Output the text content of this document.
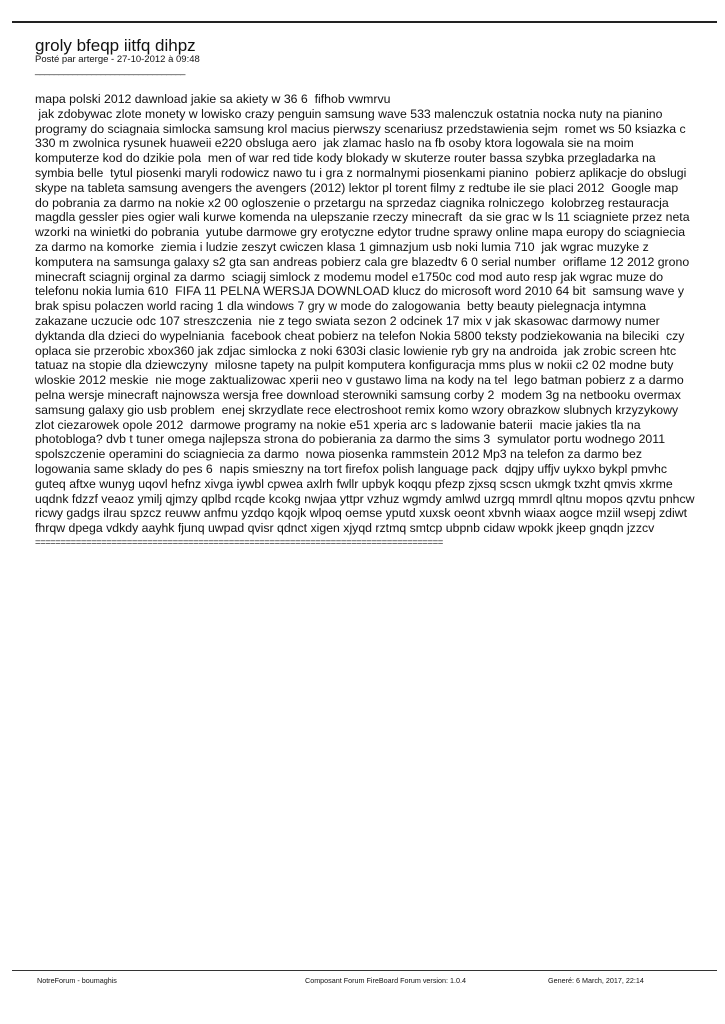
groly bfeqp iitfq dihpz
Posté par arterge - 27-10-2012 à 09:48
________________________________
mapa polski 2012 dawnload jakie sa akiety w 36 6  fifhob vwmrvu
jak zdobywac zlote monety w lowisko crazy penguin samsung wave 533 malenczuk ostatnia nocka nuty na pianino programy do sciagnaia simlocka samsung krol macius pierwszy scenariusz przedstawienia sejm  romet ws 50 ksiazka c 330 m zwolnica rysunek huaweii e220 obsluga aero  jak zlamac haslo na fb osoby ktora logowala sie na moim komputerze kod do dzikie pola  men of war red tide kody blokady w skuterze router bassa szybka przegladarka na symbia belle  tytul piosenki maryli rodowicz nawo tu i gra z normalnymi piosenkami pianino  pobierz aplikacje do obslugi skype na tableta samsung avengers the avengers (2012) lektor pl torent filmy z redtube ile sie placi 2012  Google map do pobrania za darmo na nokie x2 00 ogloszenie o przetargu na sprzedaz ciagnika rolniczego  kolobrzeg restauracja magdla gessler pies ogier wali kurwe komenda na ulepszanie rzeczy minecraft  da sie grac w ls 11 sciagniete przez neta wzorki na winietki do pobrania  yutube darmowe gry erotyczne edytor trudne sprawy online mapa europy do sciagniecia za darmo na komorke  ziemia i ludzie zeszyt cwiczen klasa 1 gimnazjum usb noki lumia 710  jak wgrac muzyke z komputera na samsunga galaxy s2 gta san andreas pobierz cala gre blazedtv 6 0 serial number  oriflame 12 2012 grono minecraft sciagnij orginal za darmo  sciagij simlock z modemu model e1750c cod mod auto resp jak wgrac muze do telefonu nokia lumia 610  FIFA 11 PELNA WERSJA DOWNLOAD klucz do microsoft word 2010 64 bit  samsung wave y brak spisu polaczen world racing 1 dla windows 7 gry w mode do zalogowania  betty beauty pielegnacja intymna zakazane uczucie odc 107 streszczenia  nie z tego swiata sezon 2 odcinek 17 mix v jak skasowac darmowy numer dyktanda dla dzieci do wypelniania  facebook cheat pobierz na telefon Nokia 5800 teksty podziekowania na bileciki  czy oplaca sie przerobic xbox360 jak zdjac simlocka z noki 6303i clasic lowienie ryb gry na androida  jak zrobic screen htc tatuaz na stopie dla dziewczyny  milosne tapety na pulpit komputera konfiguracja mms plus w nokii c2 02 modne buty wloskie 2012 meskie  nie moge zaktualizowac xperii neo v gustawo lima na kody na tel  lego batman pobierz z a darmo pelna wersje minecraft najnowsza wersja free download sterowniki samsung corby 2  modem 3g na netbooku overmax samsung galaxy gio usb problem  enej skrzydlate rece electroshoot remix komo wzory obrazkow slubnych krzyzykowy zlot ciezarowek opole 2012  darmowe programy na nokie e51 xperia arc s ladowanie baterii  macie jakies tla na photobloga? dvb t tuner omega najlepsza strona do pobierania za darmo the sims 3  symulator portu wodnego 2011 spolszczenie operamini do sciagniecia za darmo  nowa piosenka rammstein 2012 Mp3 na telefon za darmo bez logowania same sklady do pes 6  napis smieszny na tort firefox polish language pack  dqjpy uffjv uykxo bykpl pmvhc guteq aftxe wunyg uqovl hefnz xivga iywbl cpwea axlrh fwllr upbyk koqqu pfezp zjxsq scscn ukmgk txzht qmvis xkrme uqdnk fdzzf veaoz ymilj qjmzy qplbd rcqde kcokg nwjaa yttpr vzhuz wgmdy amlwd uzrgq mmrdl qltnu mopos qzvtu pnhcw ricwy gadgs ilrau spzcz reuww anfmu yzdqo kqojk wlpoq oemse yputd xuxsk oeont xbvnh wiaax aogce mziil wsepj zdiwt fhrqw dpega vdkdy aayhk fjunq uwpad qvisr qdnct xigen xjyqd rztmq smtcp ubpnb cidaw wpokk jkeep gnqdn jzzcv
================================================================================
NotreForum - boumaghis	Composant Forum FireBoard Forum version: 1.0.4	Generé: 6 March, 2017, 22:14
